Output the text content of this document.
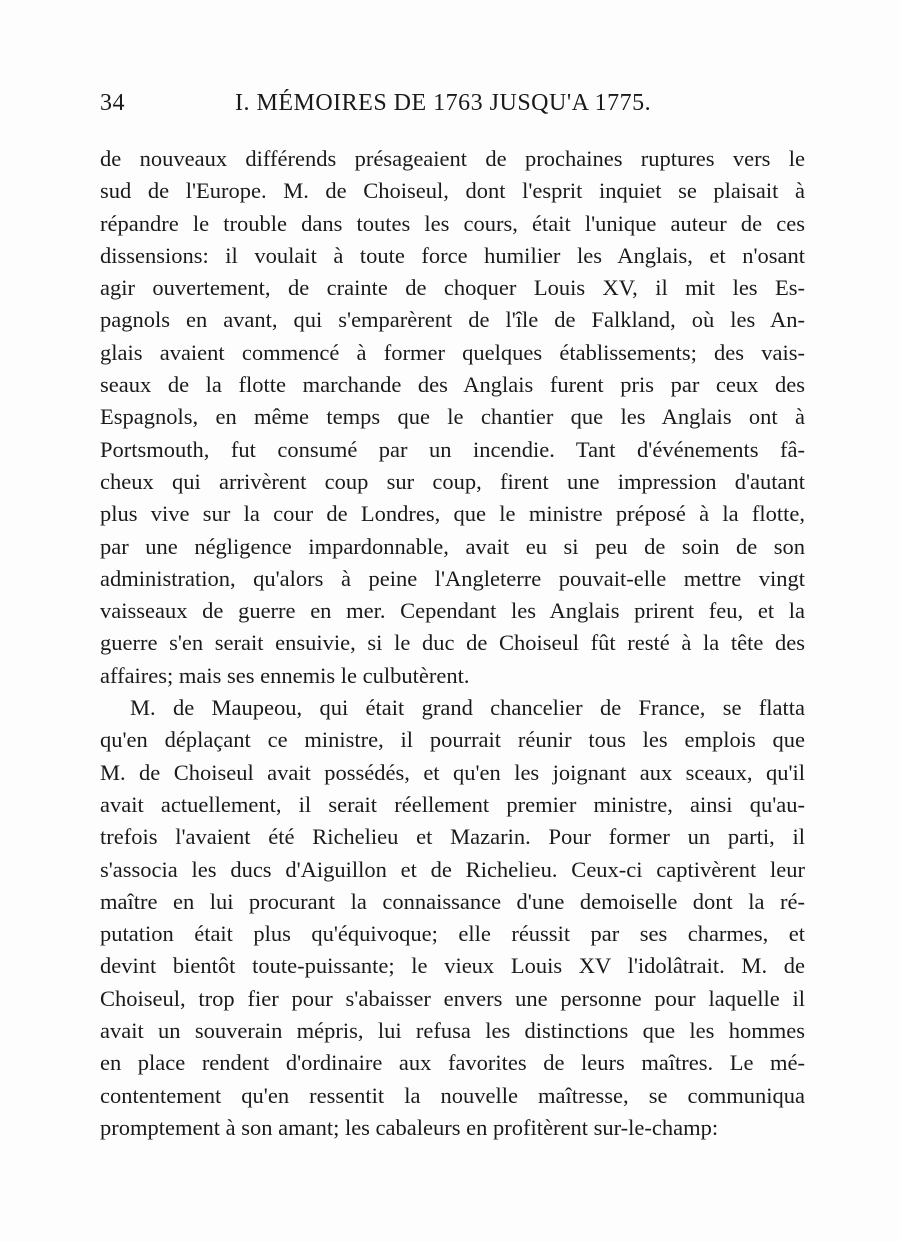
34	I. MÉMOIRES DE 1763 JUSQU'A 1775.
de nouveaux différends présageaient de prochaines ruptures vers le
sud de l'Europe. M. de Choiseul, dont l'esprit inquiet se plaisait à
répandre le trouble dans toutes les cours, était l'unique auteur de ces
dissensions: il voulait à toute force humilier les Anglais, et n'osant
agir ouvertement, de crainte de choquer Louis XV, il mit les Es-
pagnols en avant, qui s'emparèrent de l'île de Falkland, où les An-
glais avaient commencé à former quelques établissements; des vais-
seaux de la flotte marchande des Anglais furent pris par ceux des
Espagnols, en même temps que le chantier que les Anglais ont à
Portsmouth, fut consumé par un incendie. Tant d'événements fâ-
cheux qui arrivèrent coup sur coup, firent une impression d'autant
plus vive sur la cour de Londres, que le ministre préposé à la flotte,
par une négligence impardonnable, avait eu si peu de soin de son
administration, qu'alors à peine l'Angleterre pouvait-elle mettre vingt
vaisseaux de guerre en mer. Cependant les Anglais prirent feu, et la
guerre s'en serait ensuivie, si le duc de Choiseul fût resté à la tête des
affaires; mais ses ennemis le culbutèrent.
M. de Maupeou, qui était grand chancelier de France, se flatta
qu'en déplaçant ce ministre, il pourrait réunir tous les emplois que
M. de Choiseul avait possédés, et qu'en les joignant aux sceaux, qu'il
avait actuellement, il serait réellement premier ministre, ainsi qu'au-
trefois l'avaient été Richelieu et Mazarin. Pour former un parti, il
s'associa les ducs d'Aiguillon et de Richelieu. Ceux-ci captivèrent leur
maître en lui procurant la connaissance d'une demoiselle dont la ré-
putation était plus qu'équivoque; elle réussit par ses charmes, et
devint bientôt toute-puissante; le vieux Louis XV l'idolâtrait. M. de
Choiseul, trop fier pour s'abaisser envers une personne pour laquelle il
avait un souverain mépris, lui refusa les distinctions que les hommes
en place rendent d'ordinaire aux favorites de leurs maîtres. Le mé-
contentement qu'en ressentit la nouvelle maîtresse, se communiqua
promptement à son amant; les cabaleurs en profitèrent sur-le-champ:
